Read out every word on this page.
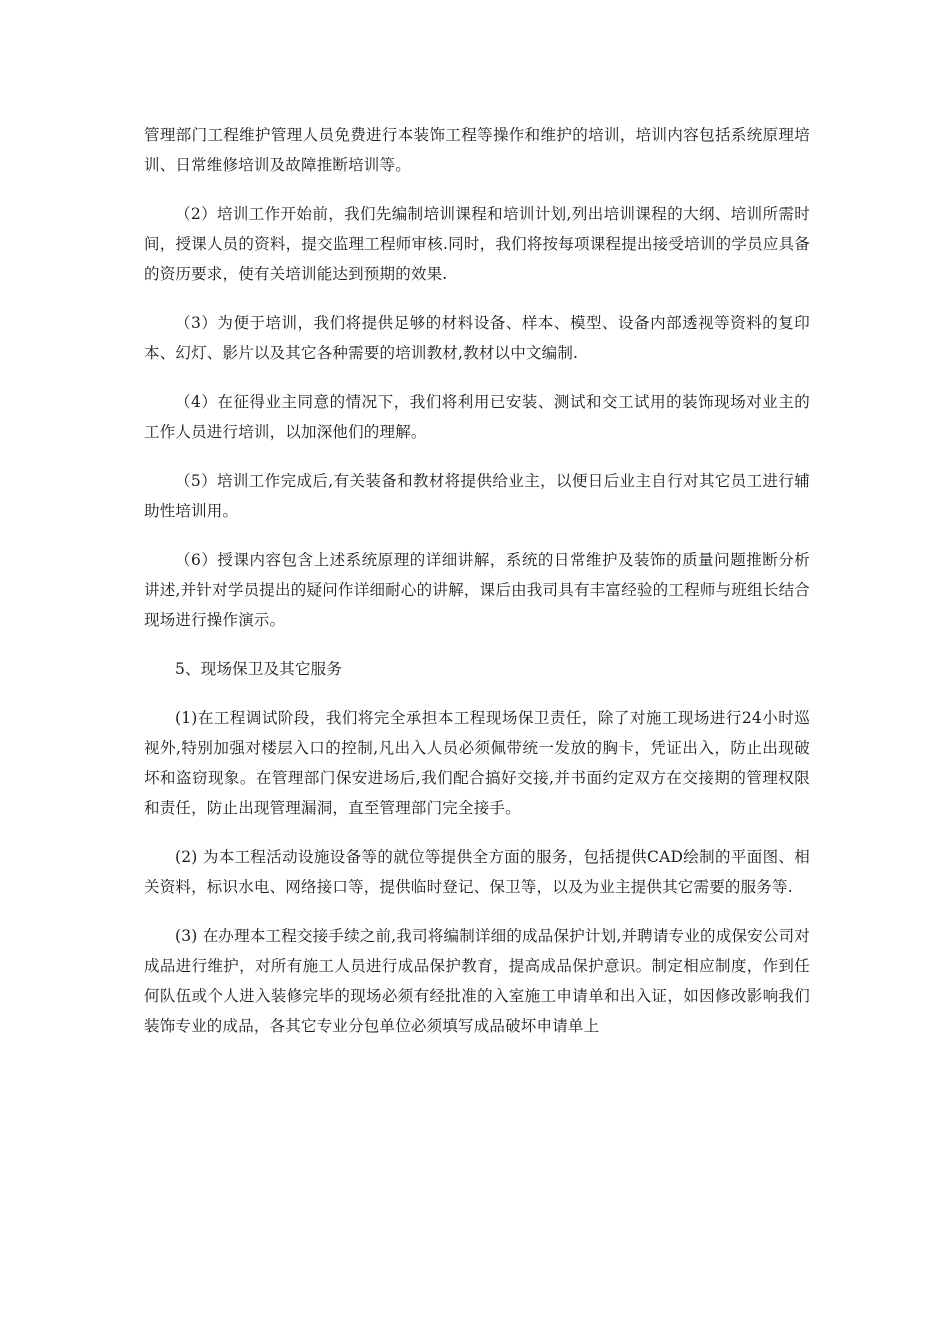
管理部门工程维护管理人员免费进行本装饰工程等操作和维护的培训，培训内容包括系统原理培训、日常维修培训及故障推断培训等。

（2）培训工作开始前，我们先编制培训课程和培训计划,列出培训课程的大纲、培训所需时间，授课人员的资料，提交监理工程师审核.同时，我们将按每项课程提出接受培训的学员应具备的资历要求，使有关培训能达到预期的效果.

（3）为便于培训，我们将提供足够的材料设备、样本、模型、设备内部透视等资料的复印本、幻灯、影片以及其它各种需要的培训教材,教材以中文编制.

（4）在征得业主同意的情况下，我们将利用已安装、测试和交工试用的装饰现场对业主的工作人员进行培训，以加深他们的理解。

（5）培训工作完成后,有关装备和教材将提供给业主，以便日后业主自行对其它员工进行辅助性培训用。

（6）授课内容包含上述系统原理的详细讲解，系统的日常维护及装饰的质量问题推断分析讲述,并针对学员提出的疑问作详细耐心的讲解，课后由我司具有丰富经验的工程师与班组长结合现场进行操作演示。

5、现场保卫及其它服务

(1)在工程调试阶段，我们将完全承担本工程现场保卫责任，除了对施工现场进行24小时巡视外,特别加强对楼层入口的控制,凡出入人员必须佩带统一发放的胸卡，凭证出入，防止出现破坏和盗窃现象。在管理部门保安进场后,我们配合搞好交接,并书面约定双方在交接期的管理权限和责任，防止出现管理漏洞，直至管理部门完全接手。

(2) 为本工程活动设施设备等的就位等提供全方面的服务，包括提供CAD绘制的平面图、相关资料，标识水电、网络接口等，提供临时登记、保卫等，以及为业主提供其它需要的服务等.

(3) 在办理本工程交接手续之前,我司将编制详细的成品保护计划,并聘请专业的成保安公司对成品进行维护，对所有施工人员进行成品保护教育，提高成品保护意识。制定相应制度，作到任何队伍或个人进入装修完毕的现场必须有经批准的入室施工申请单和出入证，如因修改影响我们装饰专业的成品，各其它专业分包单位必须填写成品破坏申请单上
